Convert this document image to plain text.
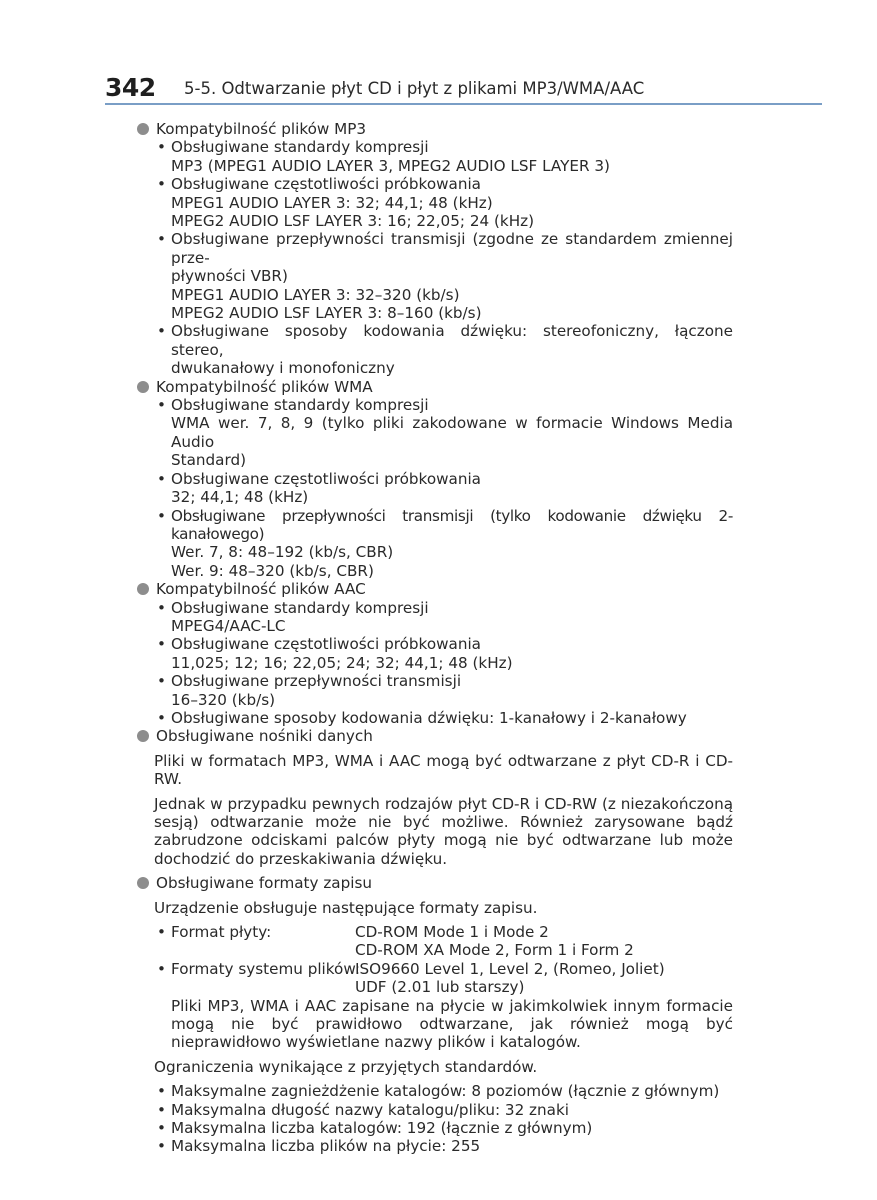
342 5-5. Odtwarzanie płyt CD i płyt z plikami MP3/WMA/AAC
Kompatybilność plików MP3
• Obsługiwane standardy kompresji
MP3 (MPEG1 AUDIO LAYER 3, MPEG2 AUDIO LSF LAYER 3)
• Obsługiwane częstotliwości próbkowania
MPEG1 AUDIO LAYER 3: 32; 44,1; 48 (kHz)
MPEG2 AUDIO LSF LAYER 3: 16; 22,05; 24 (kHz)
• Obsługiwane przepływności transmisji (zgodne ze standardem zmiennej prze-
pływności VBR)
MPEG1 AUDIO LAYER 3: 32–320 (kb/s)
MPEG2 AUDIO LSF LAYER 3: 8–160 (kb/s)
• Obsługiwane sposoby kodowania dźwięku: stereofoniczny, łączone stereo,
dwukanałowy i monofoniczny
Kompatybilność plików WMA
• Obsługiwane standardy kompresji
WMA wer. 7, 8, 9 (tylko pliki zakodowane w formacie Windows Media Audio
Standard)
• Obsługiwane częstotliwości próbkowania
32; 44,1; 48 (kHz)
• Obsługiwane przepływności transmisji (tylko kodowanie dźwięku 2-kanałowego)
Wer. 7, 8: 48–192 (kb/s, CBR)
Wer. 9: 48–320 (kb/s, CBR)
Kompatybilność plików AAC
• Obsługiwane standardy kompresji
MPEG4/AAC-LC
• Obsługiwane częstotliwości próbkowania
11,025; 12; 16; 22,05; 24; 32; 44,1; 48 (kHz)
• Obsługiwane przepływności transmisji
16–320 (kb/s)
• Obsługiwane sposoby kodowania dźwięku: 1-kanałowy i 2-kanałowy
Obsługiwane nośniki danych
Pliki w formatach MP3, WMA i AAC mogą być odtwarzane z płyt CD-R i CD-RW.
Jednak w przypadku pewnych rodzajów płyt CD-R i CD-RW (z niezakończoną sesją) odtwarzanie może nie być możliwe. Również zarysowane bądź zabrudzone odciskami palców płyty mogą nie być odtwarzane lub może dochodzić do przeskakiwania dźwięku.
Obsługiwane formaty zapisu
Urządzenie obsługuje następujące formaty zapisu.
• Format płyty:	CD-ROM Mode 1 i Mode 2
CD-ROM XA Mode 2, Form 1 i Form 2
• Formaty systemu plików:
ISO9660 Level 1, Level 2, (Romeo, Joliet)
UDF (2.01 lub starszy)
Pliki MP3, WMA i AAC zapisane na płycie w jakimkolwiek innym formacie mogą nie być prawidłowo odtwarzane, jak również mogą być nieprawidłowo wyświetlane nazwy plików i katalogów.
Ograniczenia wynikające z przyjętych standardów.
• Maksymalne zagnieżdżenie katalogów: 8 poziomów (łącznie z głównym)
• Maksymalna długość nazwy katalogu/pliku: 32 znaki
• Maksymalna liczba katalogów: 192 (łącznie z głównym)
• Maksymalna liczba plików na płycie: 255
